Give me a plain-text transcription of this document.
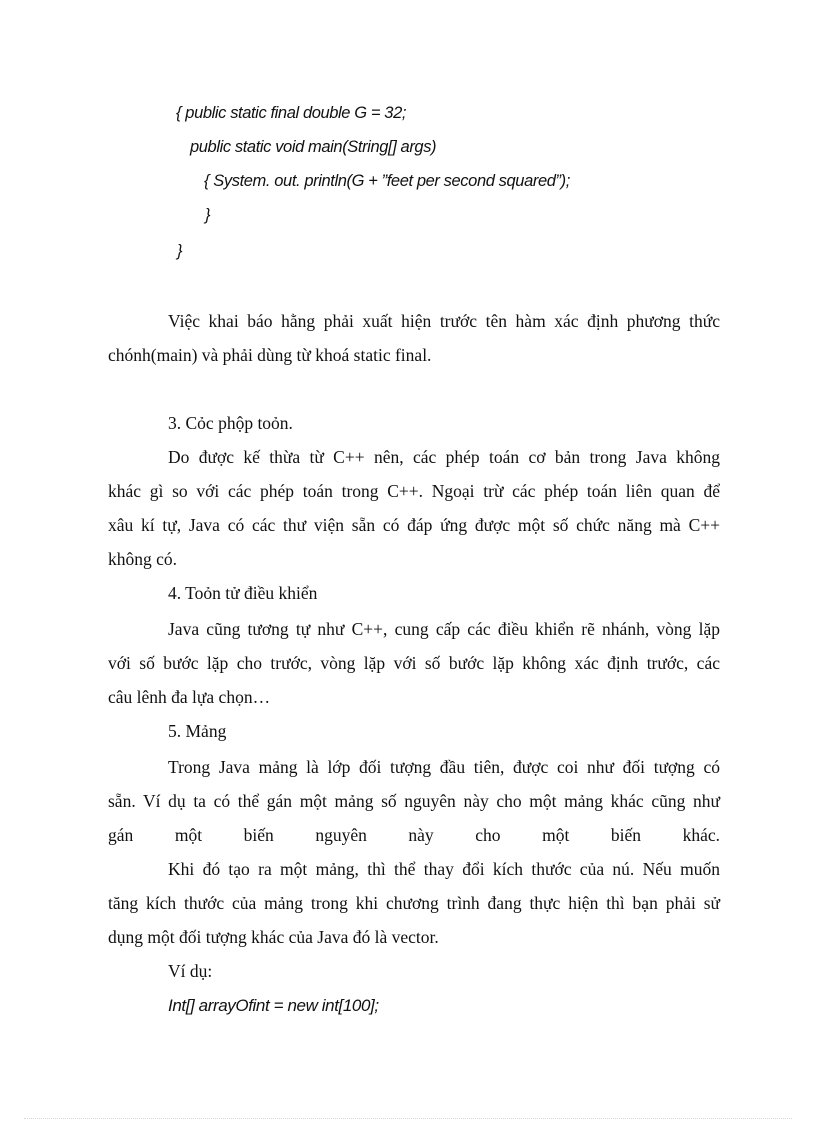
{ public static final double G = 32;
public static void main(String[] args)
{ System. out. println(G + ”feet per second squared”);
}
}
Việc khai báo hằng phải xuất hiện trước tên hàm xác định phương thức
chónh(main) và phải dùng từ khoá static final.
3. Cỏc phộp toỏn.
Do được kế thừa từ C++ nên, các phép toán cơ bản trong Java không
khác gì so với các phép toán trong C++. Ngoại trừ các phép toán liên quan để
xâu kí tự, Java có các thư viện sẵn có đáp ứng được một số chức năng mà C++
không có.
4. Toỏn tử điều khiển
Java cũng tương tự như C++, cung cấp các điều khiển rẽ nhánh, vòng lặp
với số bước lặp cho trước, vòng lặp với số bước lặp không xác định trước, các
câu lênh đa lựa chọn…
5. Mảng
Trong Java mảng là lớp đối tượng đầu tiên, được coi như đối tượng có
sẵn. Ví dụ ta có thể gán một mảng số nguyên này cho một mảng khác cũng như
gán một biến nguyên này cho một biến khác.
Khi đó tạo ra một mảng, thì thể thay đổi kích thước của nú. Nếu muốn
tăng kích thước của mảng trong khi chương trình đang thực hiện thì bạn phải sử
dụng một đối tượng khác của Java đó là vector.
Ví dụ:
Int[] arrayOfint = new int[100];
